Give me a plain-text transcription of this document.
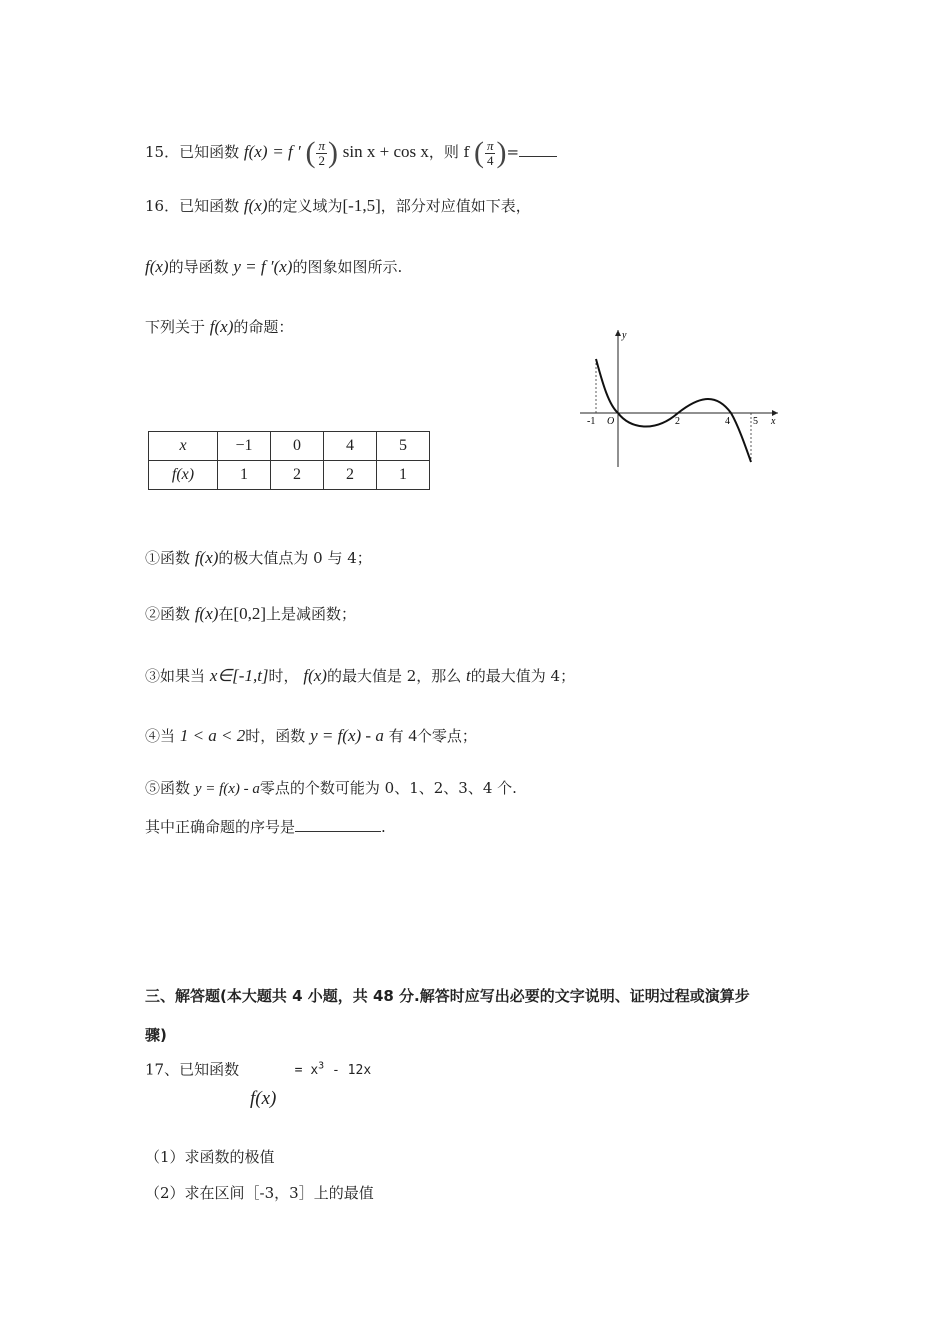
15．已知函数 f(x) = f ′ ( $\frac{\pi}{2}$ ) sin x + cos x，则 f ( $\frac{\pi}{4}$ )=
16．已知函数 f(x)的定义域为[-1,5]，部分对应值如下表，
f(x)的导函数 y = f ′(x)的图象如图所示.
下列关于 f(x)的命题：
x	−1	0	4	5
f(x)	1	2	2	1
y
x
O
-1	2	4 5
①函数 f(x)的极大值点为 0 与 4；
②函数 f(x)在[0,2]上是减函数；
③如果当 x∈[-1,t]时， f(x)的最大值是 2，那么 t的最大值为 4；
④当 1 < a < 2时，函数 y = f(x) - a 有 4个零点；
⑤函数 y = f(x) - a零点的个数可能为 0、1、2、3、4 个.
其中正确命题的序号是	.
三、解答题(本大题共 4 小题，共 48 分.解答时应写出必要的文字说明、证明过程或演算步
骤)
17、已知函数	= $x^3 - 12x$
f(x)
（1）求函数的极值
（2）求在区间［-3，3］上的最值
